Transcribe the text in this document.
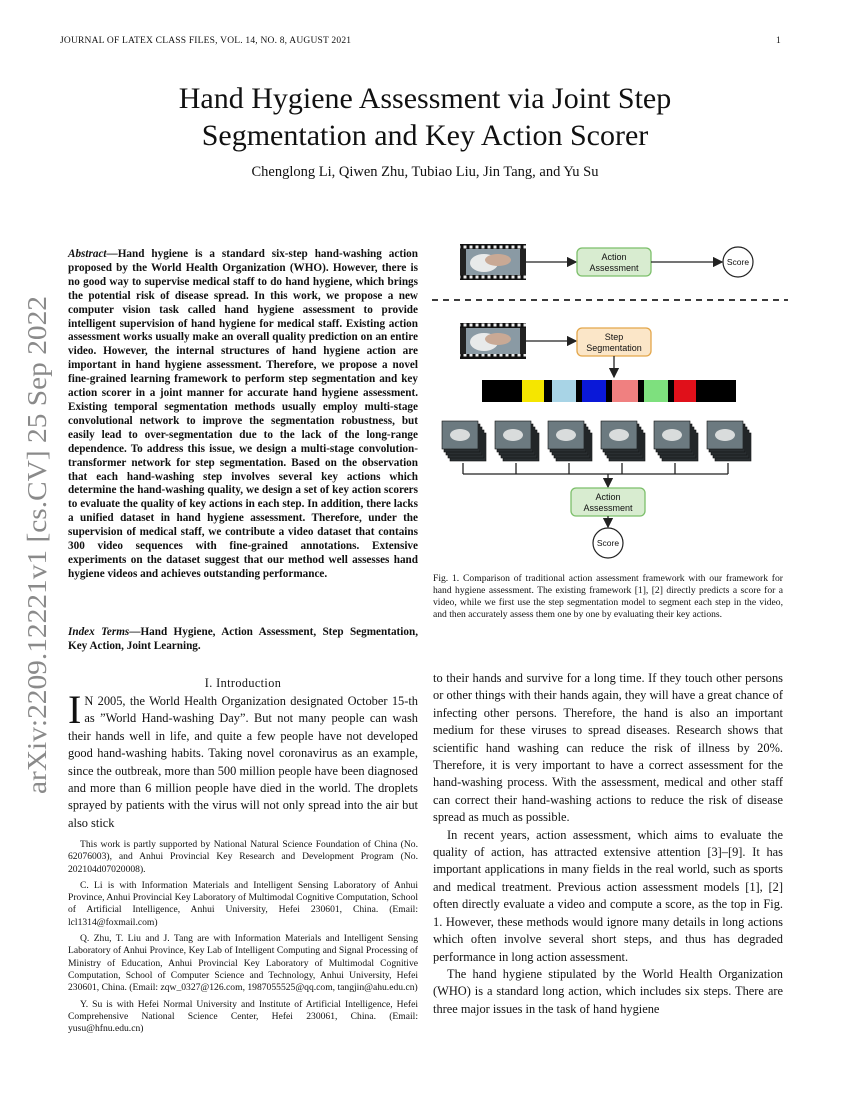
JOURNAL OF LATEX CLASS FILES, VOL. 14, NO. 8, AUGUST 2021	1
Hand Hygiene Assessment via Joint Step
Segmentation and Key Action Scorer
Chenglong Li, Qiwen Zhu, Tubiao Liu, Jin Tang, and Yu Su
arXiv:2209.12221v1 [cs.CV] 25 Sep 2022
Abstract—Hand hygiene is a standard six-step hand-washing action proposed by the World Health Organization (WHO). However, there is no good way to supervise medical staff to do hand hygiene, which brings the potential risk of disease spread. In this work, we propose a new computer vision task called hand hygiene assessment to provide intelligent supervision of hand hygiene for medical staff. Existing action assessment works usually make an overall quality prediction on an entire video. However, the internal structures of hand hygiene action are important in hand hygiene assessment. Therefore, we propose a novel fine-grained learning framework to perform step segmentation and key action scorer in a joint manner for accurate hand hygiene assessment. Existing temporal segmentation methods usually employ multi-stage convolutional network to improve the segmentation robustness, but easily lead to over-segmentation due to the lack of the long-range dependence. To address this issue, we design a multi-stage convolution-transformer network for step segmentation. Based on the observation that each hand-washing step involves several key actions which determine the hand-washing quality, we design a set of key action scorers to evaluate the quality of key actions in each step. In addition, there lacks a unified dataset in hand hygiene assessment. Therefore, under the supervision of medical staff, we contribute a video dataset that contains 300 video sequences with fine-grained annotations. Extensive experiments on the dataset suggest that our method well assesses hand hygiene videos and achieves outstanding performance.
Index Terms—Hand Hygiene, Action Assessment, Step Segmentation, Key Action, Joint Learning.
I. Introduction
I N 2005, the World Health Organization designated October 15-th as ”World Hand-washing Day”. But not many people can wash their hands well in life, and quite a few people have not developed good hand-washing habits. Taking novel coronavirus as an example, since the outbreak, more than 500 million people have been diagnosed and more than 6 million people have died in the world. The droplets sprayed by patients with the virus will not only spread into the air but also stick

This work is partly supported by National Natural Science Foundation of China (No. 62076003), and Anhui Provincial Key Research and Development Program (No. 202104d07020008).

C. Li is with Information Materials and Intelligent Sensing Laboratory of Anhui Province, Anhui Provincial Key Laboratory of Multimodal Cognitive Computation, School of Artificial Intelligence, Anhui University, Hefei 230601, China. (Email: lcl1314@foxmail.com)

Q. Zhu, T. Liu and J. Tang are with Information Materials and Intelligent Sensing Laboratory of Anhui Province, Key Lab of Intelligent Computing and Signal Processing of Ministry of Education, Anhui Provincial Key Laboratory of Multimodal Cognitive Computation, School of Computer Science and Technology, Anhui University, Hefei 230601, China. (Email: zqw_0327@126.com, 1987055525@qq.com, tangjin@ahu.edu.cn)

Y. Su is with Hefei Normal University and Institute of Artificial Intelligence, Hefei Comprehensive National Science Center, Hefei 230061, China. (Email: yusu@hfnu.edu.cn)

Action
Assessment
Score
Step
Segmentation
Action
Assessment
Score
Fig. 1. Comparison of traditional action assessment framework with our framework for hand hygiene assessment. The existing framework [1], [2] directly predicts a score for a video, while we first use the step segmentation model to segment each step in the video, and then accurately assess them one by one by evaluating their key actions.

to their hands and survive for a long time. If they touch other persons or other things with their hands again, they will have a great chance of infecting other persons. Therefore, the hand is also an important medium for these viruses to spread diseases. Research shows that scientific hand washing can reduce the risk of illness by 20%. Therefore, it is very important to have a correct assessment for the hand-washing process. With the assessment, medical and other staff can correct their hand-washing actions to reduce the risk of disease spread as much as possible.

In recent years, action assessment, which aims to evaluate the quality of action, has attracted extensive attention [3]–[9]. It has important applications in many fields in the real world, such as sports and medical treatment. Previous action assessment models [1], [2] often directly evaluate a video and compute a score, as the top in Fig. 1. However, these methods would ignore many details in long actions which often involve several short steps, and thus has degraded performance in long action assessment.

The hand hygiene stipulated by the World Health Organization (WHO) is a standard long action, which includes six steps. There are three major issues in the task of hand hygiene
